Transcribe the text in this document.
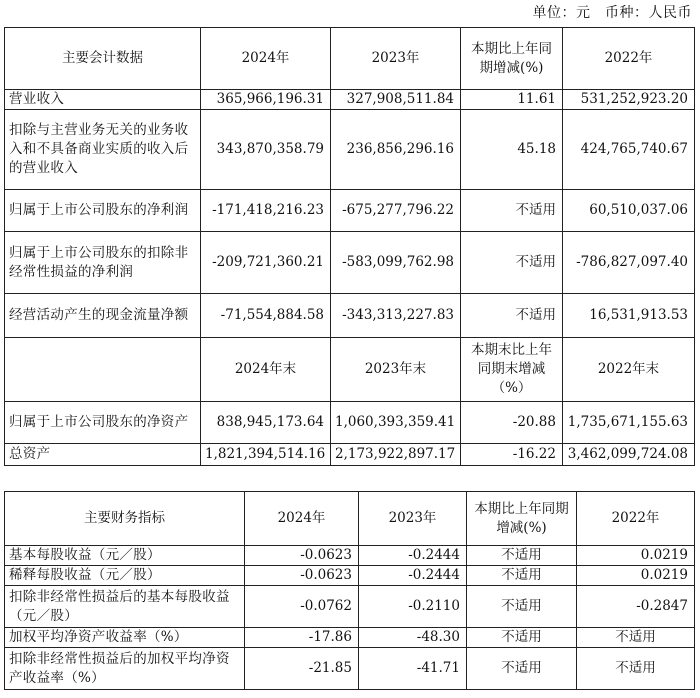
单位：元　币种：人民币
主要会计数据	2024年	2023年	本期比上年同期增减(%)	2022年
营业收入	365,966,196.31	327,908,511.84	11.61	531,252,923.20
扣除与主营业务无关的业务收入和不具备商业实质的收入后的营业收入	343,870,358.79	236,856,296.16	45.18	424,765,740.67
归属于上市公司股东的净利润	-171,418,216.23	-675,277,796.22	不适用	60,510,037.06
归属于上市公司股东的扣除非经常性损益的净利润	-209,721,360.21	-583,099,762.98	不适用	-786,827,097.40
经营活动产生的现金流量净额	-71,554,884.58	-343,313,227.83	不适用	16,531,913.53
	2024年末	2023年末	本期末比上年同期末增减（%）	2022年末
归属于上市公司股东的净资产	838,945,173.64	1,060,393,359.41	-20.88	1,735,671,155.63
总资产	1,821,394,514.16	2,173,922,897.17	-16.22	3,462,099,724.08
主要财务指标	2024年	2023年	本期比上年同期增减(%)	2022年
基本每股收益（元／股）	-0.0623	-0.2444	不适用	0.0219
稀释每股收益（元／股）	-0.0623	-0.2444	不适用	0.0219
扣除非经常性损益后的基本每股收益（元／股）	-0.0762	-0.2110	不适用	-0.2847
加权平均净资产收益率（%）	-17.86	-48.30	不适用	不适用
扣除非经常性损益后的加权平均净资产收益率（%）	-21.85	-41.71	不适用	不适用
